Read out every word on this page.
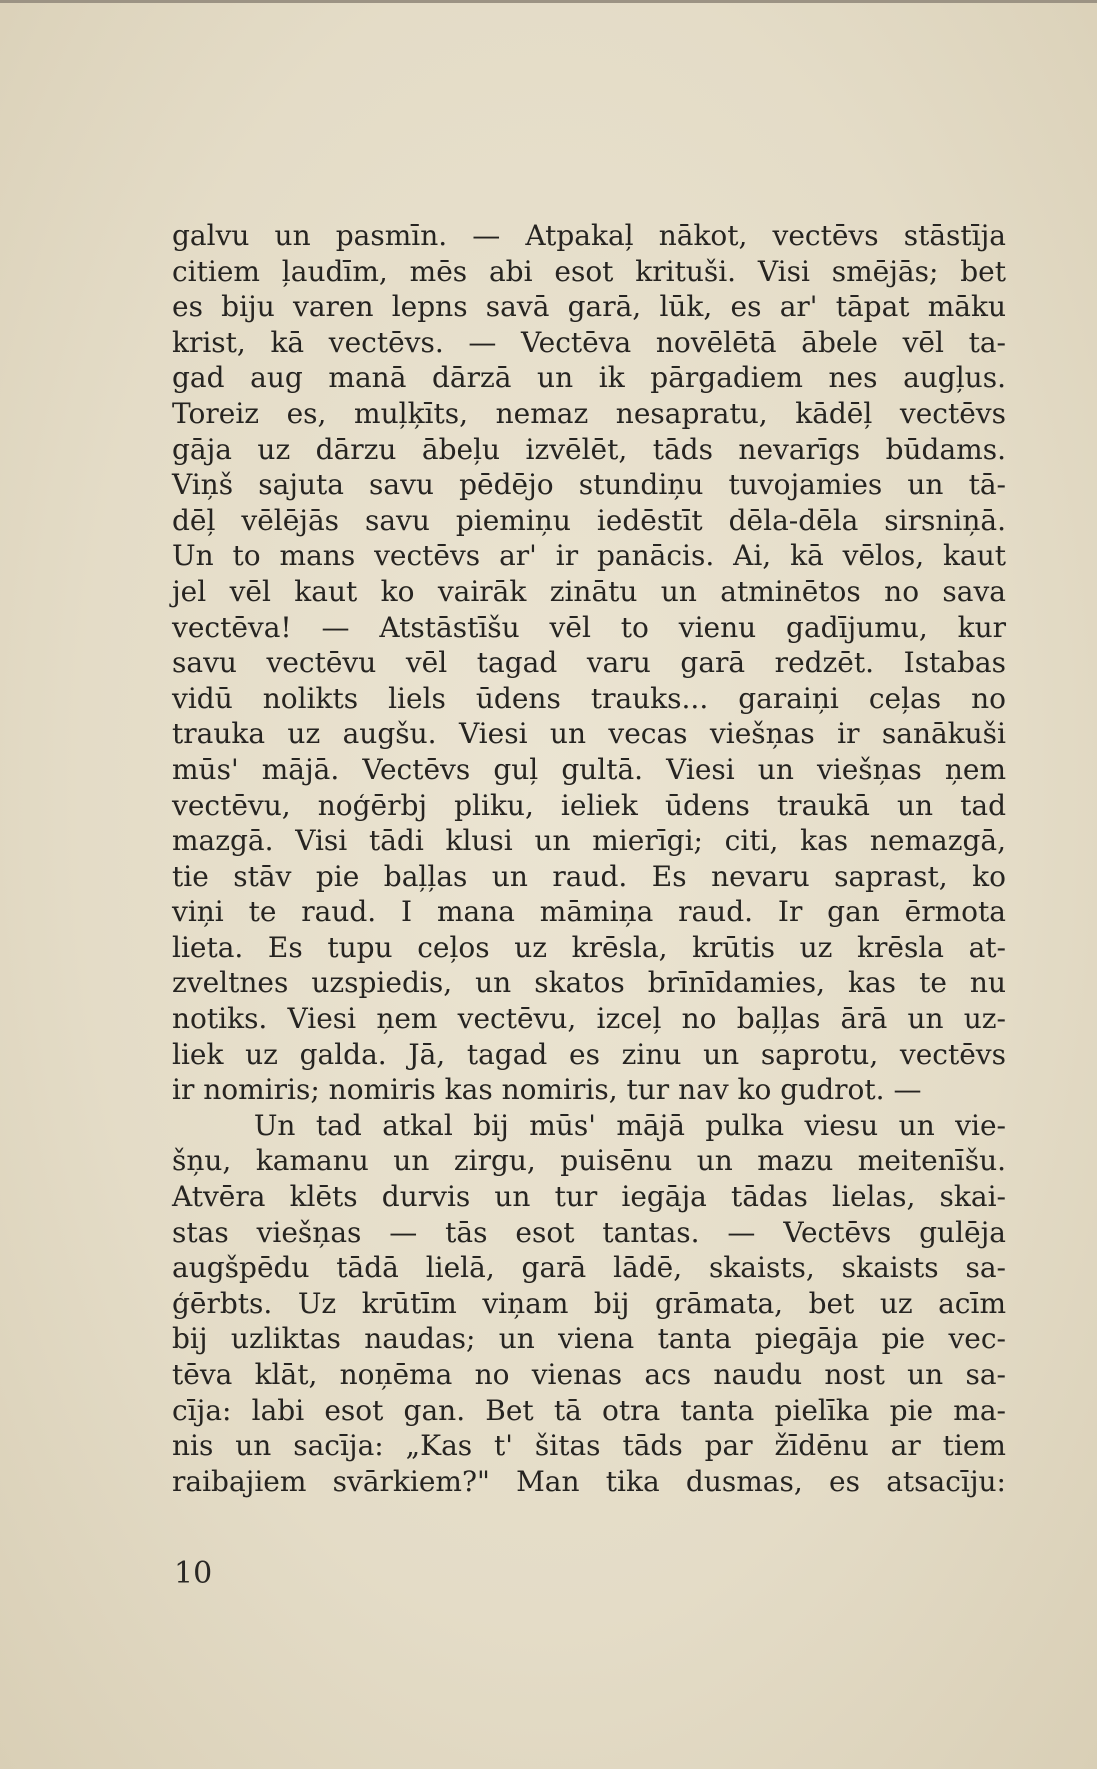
galvu un pasmīn. — Atpakaļ nākot, vectēvs stāstīja
citiem ļaudīm, mēs abi esot krituši. Visi smējās; bet
es biju varen lepns savā garā, lūk, es ar' tāpat māku
krist, kā vectēvs. — Vectēva novēlētā ābele vēl ta-
gad aug manā dārzā un ik pārgadiem nes augļus.
Toreiz es, muļķīts, nemaz nesapratu, kādēļ vectēvs
gāja uz dārzu ābeļu izvēlēt, tāds nevarīgs būdams.
Viņš sajuta savu pēdējo stundiņu tuvojamies un tā-
dēļ vēlējās savu piemiņu iedēstīt dēla-dēla sirsniņā.
Un to mans vectēvs ar' ir panācis. Ai, kā vēlos, kaut
jel vēl kaut ko vairāk zinātu un atminētos no sava
vectēva! — Atstāstīšu vēl to vienu gadījumu, kur
savu vectēvu vēl tagad varu garā redzēt. Istabas
vidū nolikts liels ūdens trauks... garaiņi ceļas no
trauka uz augšu. Viesi un vecas viešņas ir sanākuši
mūs' mājā. Vectēvs guļ gultā. Viesi un viešņas ņem
vectēvu, noģērbj pliku, ieliek ūdens traukā un tad
mazgā. Visi tādi klusi un mierīgi; citi, kas nemazgā,
tie stāv pie baļļas un raud. Es nevaru saprast, ko
viņi te raud. I mana māmiņa raud. Ir gan ērmota
lieta. Es tupu ceļos uz krēsla, krūtis uz krēsla at-
zveltnes uzspiedis, un skatos brīnīdamies, kas te nu
notiks. Viesi ņem vectēvu, izceļ no baļļas ārā un uz-
liek uz galda. Jā, tagad es zinu un saprotu, vectēvs
ir nomiris; nomiris kas nomiris, tur nav ko gudrot. —
Un tad atkal bij mūs' mājā pulka viesu un vie-
šņu, kamanu un zirgu, puisēnu un mazu meitenīšu.
Atvēra klēts durvis un tur iegāja tādas lielas, skai-
stas viešņas — tās esot tantas. — Vectēvs gulēja
augšpēdu tādā lielā, garā lādē, skaists, skaists sa-
ģērbts. Uz krūtīm viņam bij grāmata, bet uz acīm
bij uzliktas naudas; un viena tanta piegāja pie vec-
tēva klāt, noņēma no vienas acs naudu nost un sa-
cīja: labi esot gan. Bet tā otra tanta pielīka pie ma-
nis un sacīja: „Kas t' šitas tāds par žīdēnu ar tiem
raibajiem svārkiem?" Man tika dusmas, es atsacīju:
10
